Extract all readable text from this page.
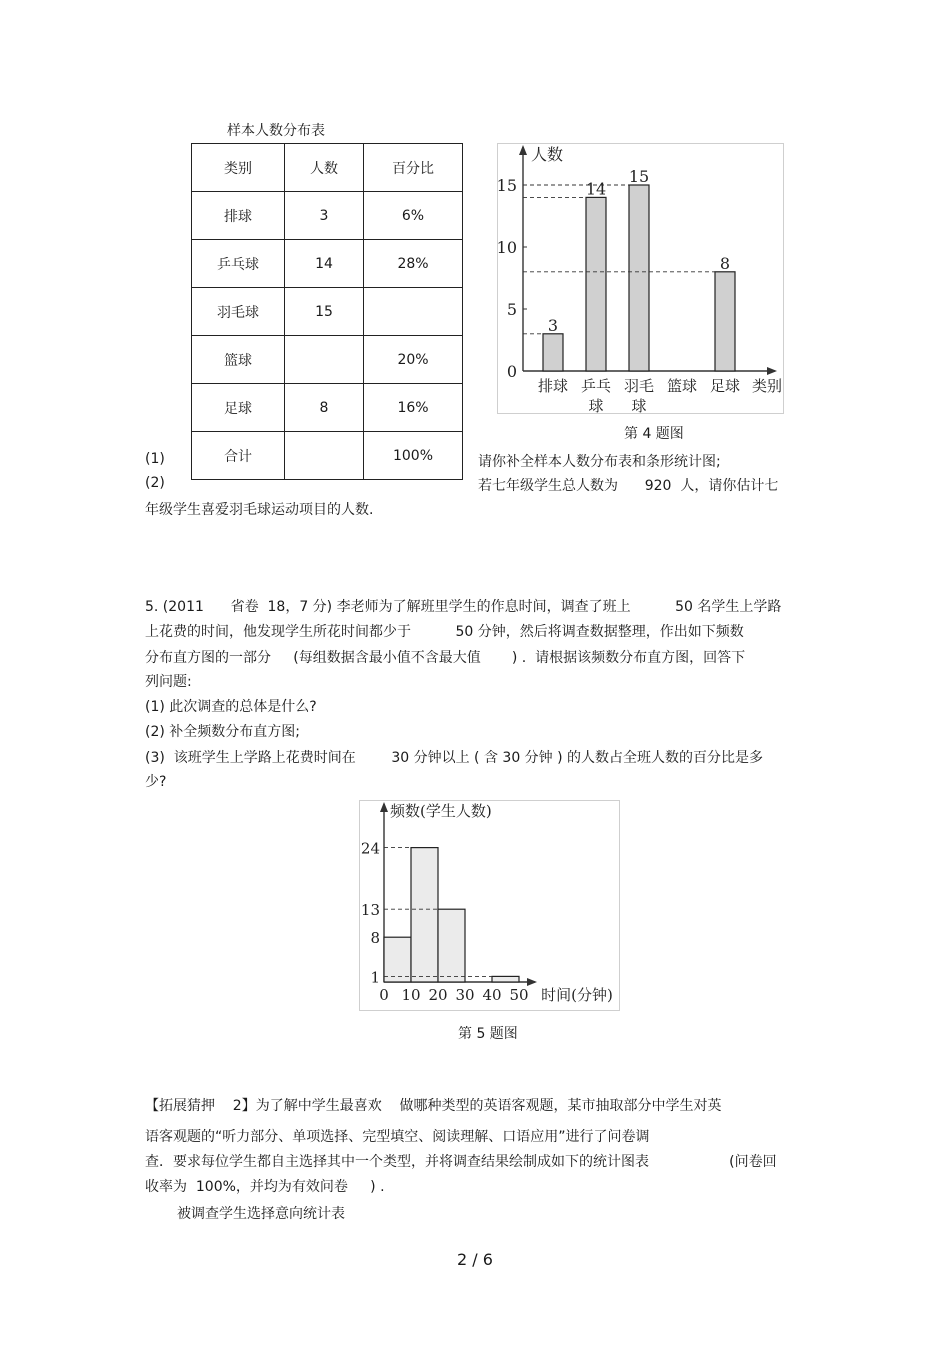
样本人数分布表
类别	人数	百分比
排球	3	6%
乒乓球	14	28%
羽毛球	15	
篮球		20%
足球	8	16%
合计		100%
人数
0
5
10
15
3
14
15
8
排球 乒乓
球
羽毛
球
篮球 足球 类别
第 4 题图
(1)	请你补全样本人数分布表和条形统计图;
(2)	若七年级学生总人数为      920  人，请你估计七
年级学生喜爱羽毛球运动项目的人数.
5. (2011      省卷  18，7 分) 李老师为了解班里学生的作息时间，调查了班上          50 名学生上学路
上花费的时间，他发现学生所花时间都少于          50 分钟，然后将调查数据整理，作出如下频数
分布直方图的一部分     (每组数据含最小值不含最大值       ) .  请根据该频数分布直方图，回答下
列问题:
(1) 此次调查的总体是什么?
(2) 补全频数分布直方图;
(3)  该班学生上学路上花费时间在        30 分钟以上 ( 含 30 分钟 ) 的人数占全班人数的百分比是多
少?
频数(学生人数)
1
8
13
24
0 10 20 30 40 50 时间(分钟)
第 5 题图
【拓展猜押    2】为了解中学生最喜欢    做哪种类型的英语客观题，某市抽取部分中学生对英
语客观题的“听力部分、单项选择、完型填空、阅读理解、口语应用”进行了问卷调
查．要求每位学生都自主选择其中一个类型，并将调查结果绘制成如下的统计图表                  (问卷回
收率为  100%，并均为有效问卷     ) .
被调查学生选择意向统计表
2 / 6
